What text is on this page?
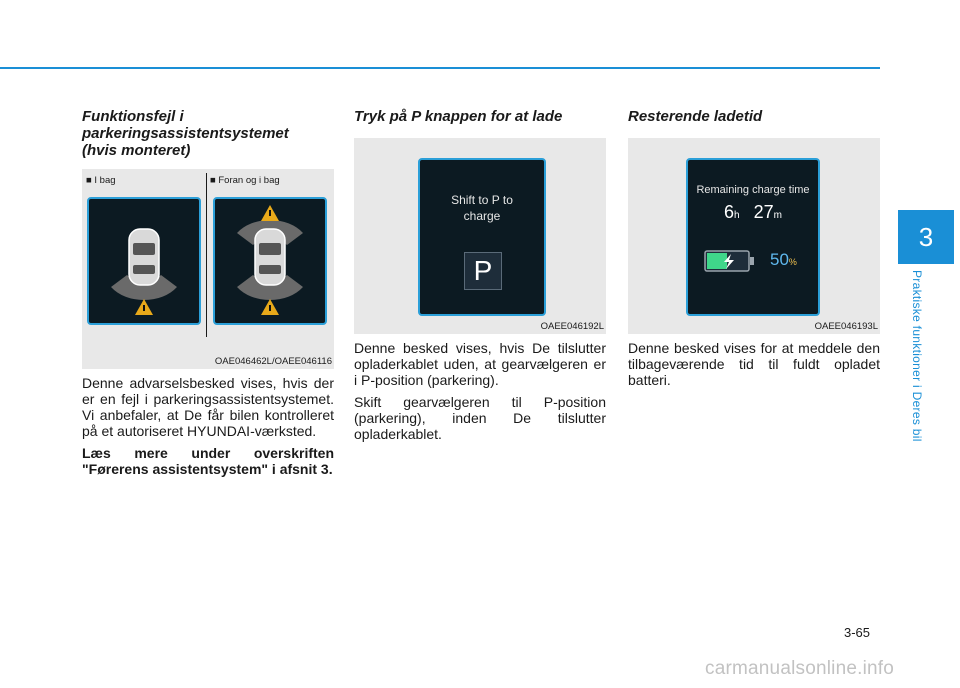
3
Praktiske funktioner i Deres bil
Funktionsfejl i
parkeringsassistentsystemet
(hvis monteret)
■ I bag	■ Foran og i bag
OAE046462L/OAEE046116

Denne advarselsbesked vises, hvis der er en fejl i parkeringsassistentsystemet. Vi anbefaler, at De får bilen kontrolleret på et autoriseret HYUNDAI-værksted.

Læs mere under overskriften "Førerens assistentsystem" i afsnit 3.

Tryk på P knappen for at lade
Shift to P to
charge
P
OAEE046192L

Denne besked vises, hvis De tilslutter opladerkablet uden, at gearvælgeren er i P-position (parkering).

Skift gearvælgeren til P-position (parkering), inden De tilslutter opladerkablet.

Resterende ladetid
Remaining charge time
6h 27m
50%
OAEE046193L

Denne besked vises for at meddele den tilbageværende tid til fuldt opladet batteri.

3-65
carmanualsonline.info
